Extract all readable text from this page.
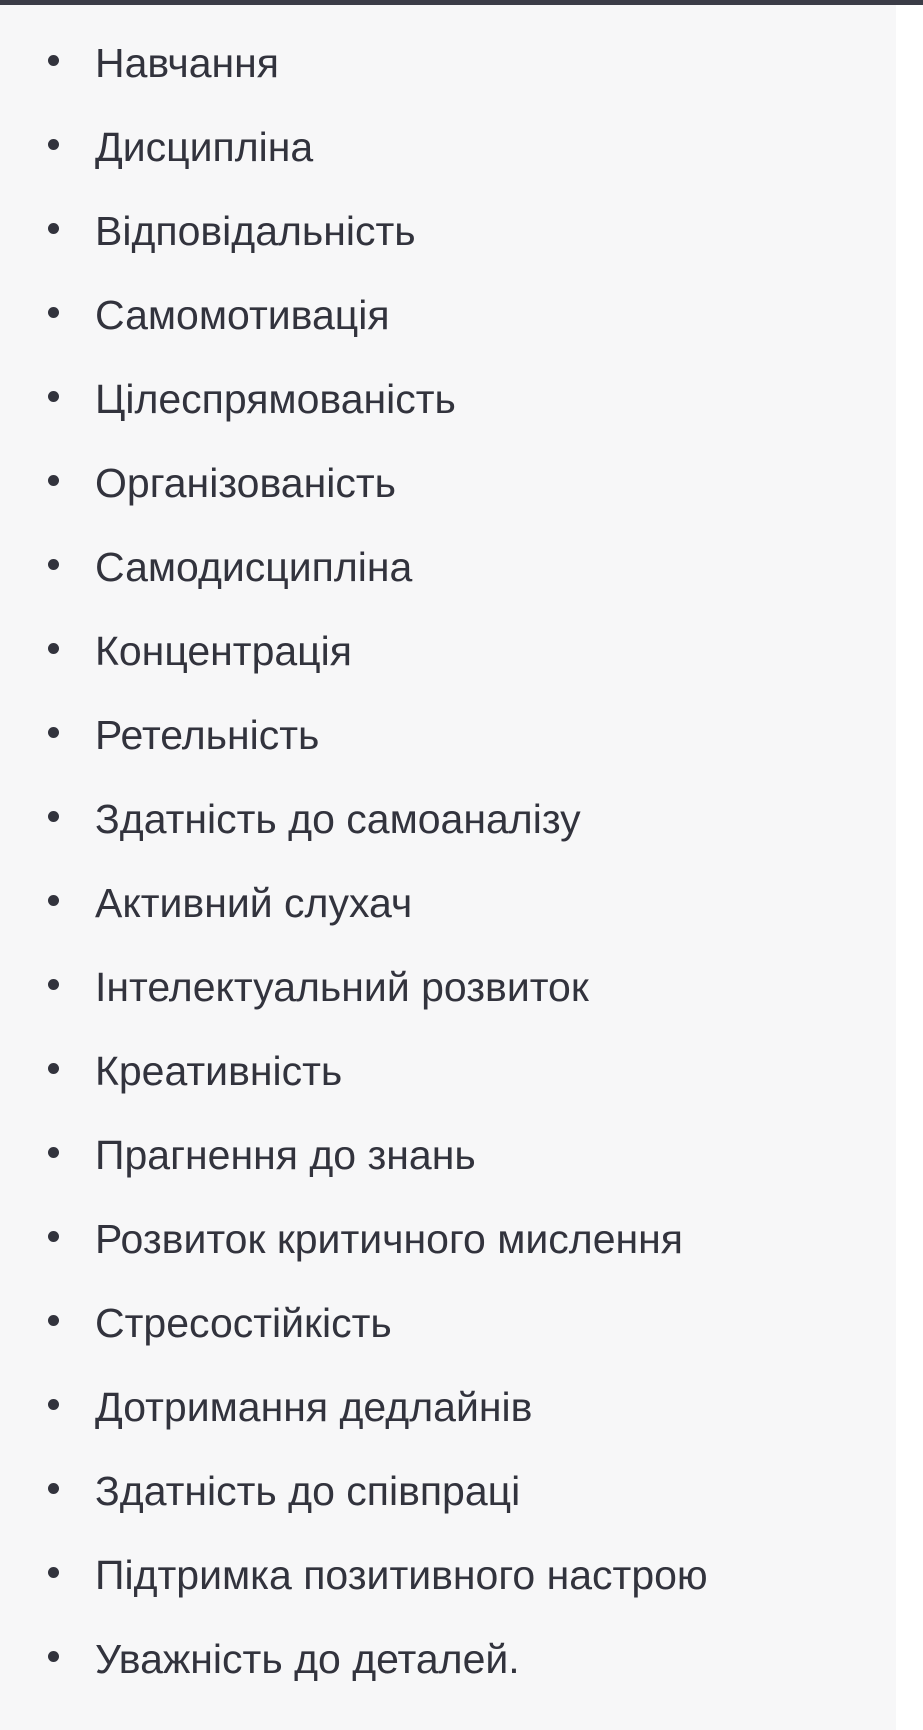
Навчання
Дисципліна
Відповідальність
Самомотивація
Цілеспрямованість
Організованість
Самодисципліна
Концентрація
Ретельність
Здатність до самоаналізу
Активний слухач
Інтелектуальний розвиток
Креативність
Прагнення до знань
Розвиток критичного мислення
Стресостійкість
Дотримання дедлайнів
Здатність до співпраці
Підтримка позитивного настрою
Уважність до деталей.
